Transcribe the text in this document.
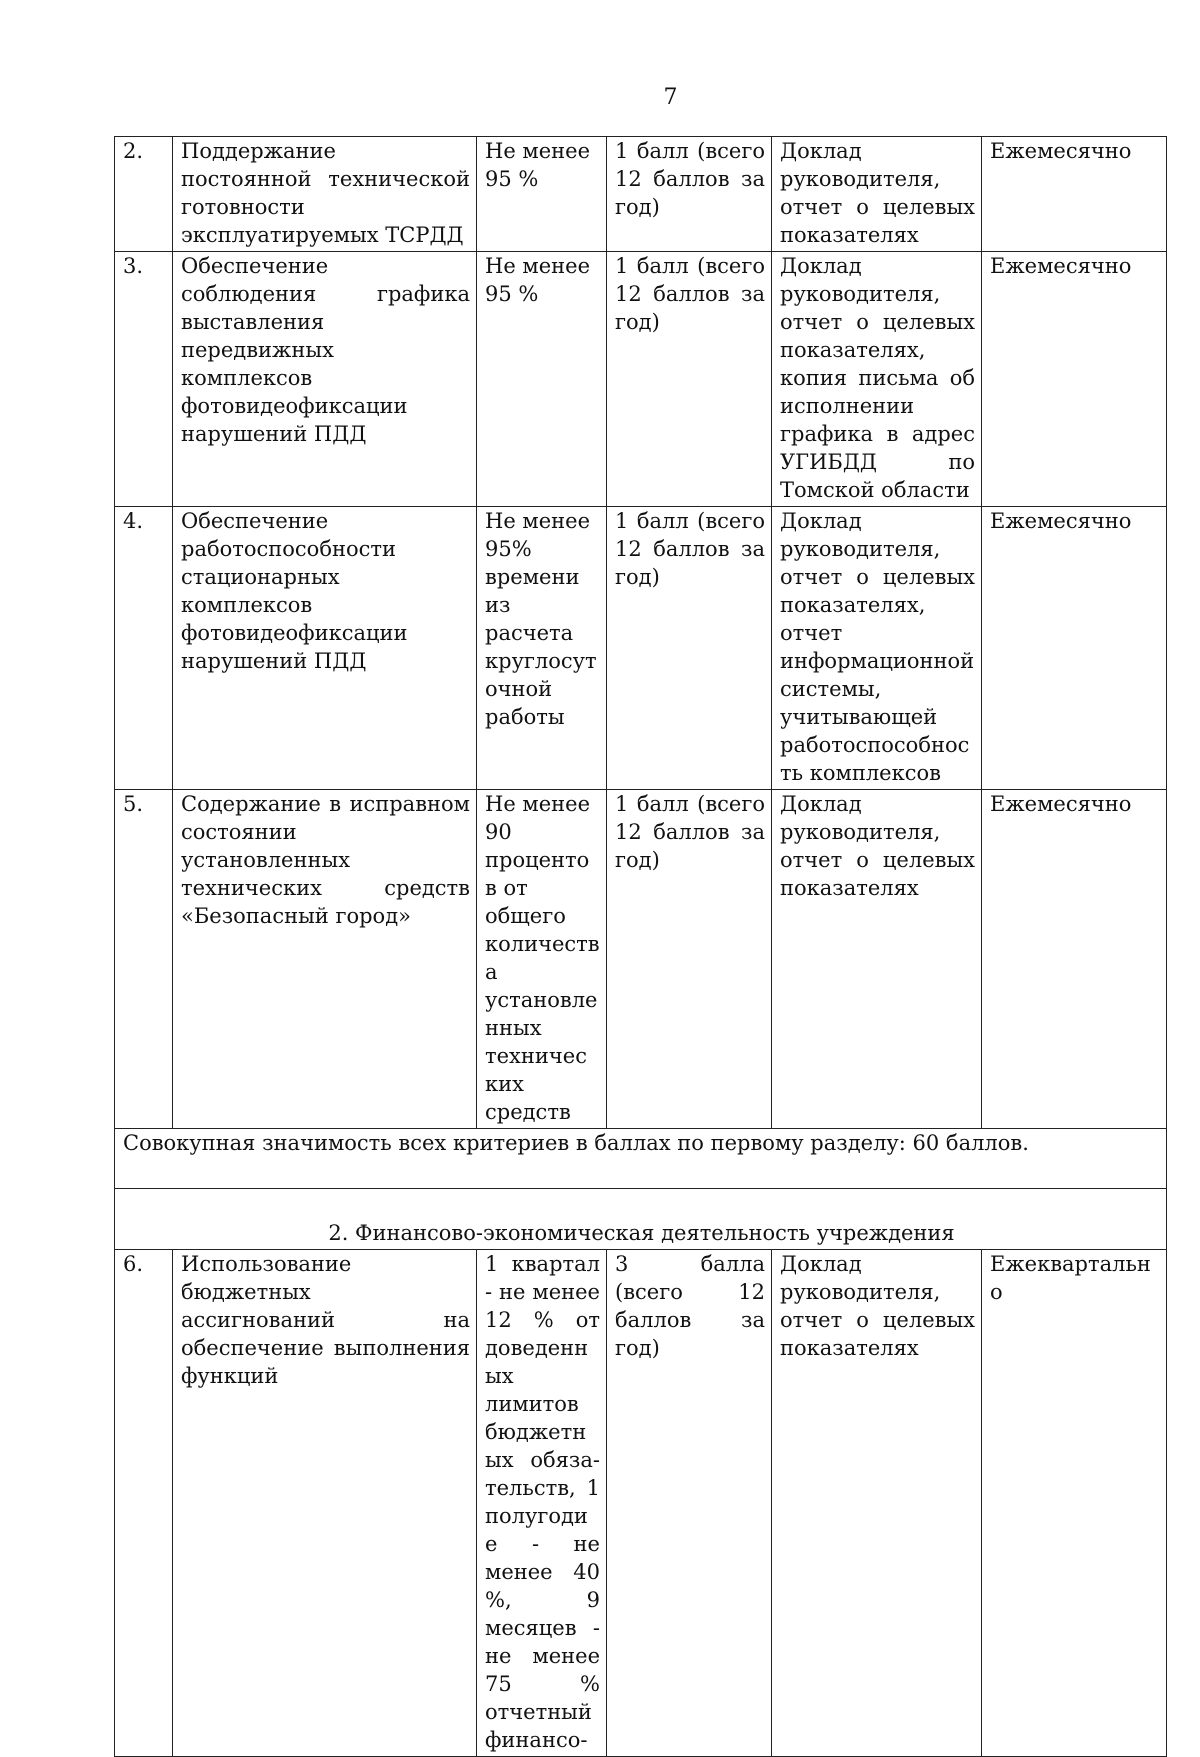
7
2.	Поддержание постоянной технической готовности эксплуатируемых ТСРДД	Не менее 95 %	1 балл (всего 12 баллов за год)	Доклад руководителя, отчет о целевых показателях	Ежемесячно
3.	Обеспечение соблюдения графика выставления передвижных комплексов фотовидеофиксации нарушений ПДД	Не менее 95 %	1 балл (всего 12 баллов за год)	Доклад руководителя, отчет о целевых показателях, копия письма об исполнении графика в адрес УГИБДД по Томской области	Ежемесячно
4.	Обеспечение работоспособности стационарных комплексов фотовидеофиксации нарушений ПДД	Не менее 95% времени из расчета круглосуточной работы	1 балл (всего 12 баллов за год)	Доклад руководителя, отчет о целевых показателях, отчет информационной системы, учитывающей работоспособность комплексов	Ежемесячно
5.	Содержание в исправном состоянии установленных технических средств «Безопасный город»	Не менее 90 процентов от общего количества установленных технических средств	1 балл (всего 12 баллов за год)	Доклад руководителя, отчет о целевых показателях	Ежемесячно
Совокупная значимость всех критериев в баллах по первому разделу: 60 баллов.					
2. Финансово-экономическая деятельность учреждения					
6.	Использование бюджетных ассигнований на обеспечение выполнения функций	1 квартал - не менее 12 % от доведенных лимитов бюджетных обяза-тельств, 1 полугодие - не менее 40 %, 9 месяцев - не менее 75 % отчетный финансо-	3 балла (всего 12 баллов за год)	Доклад руководителя, отчет о целевых показателях	Ежеквартально
